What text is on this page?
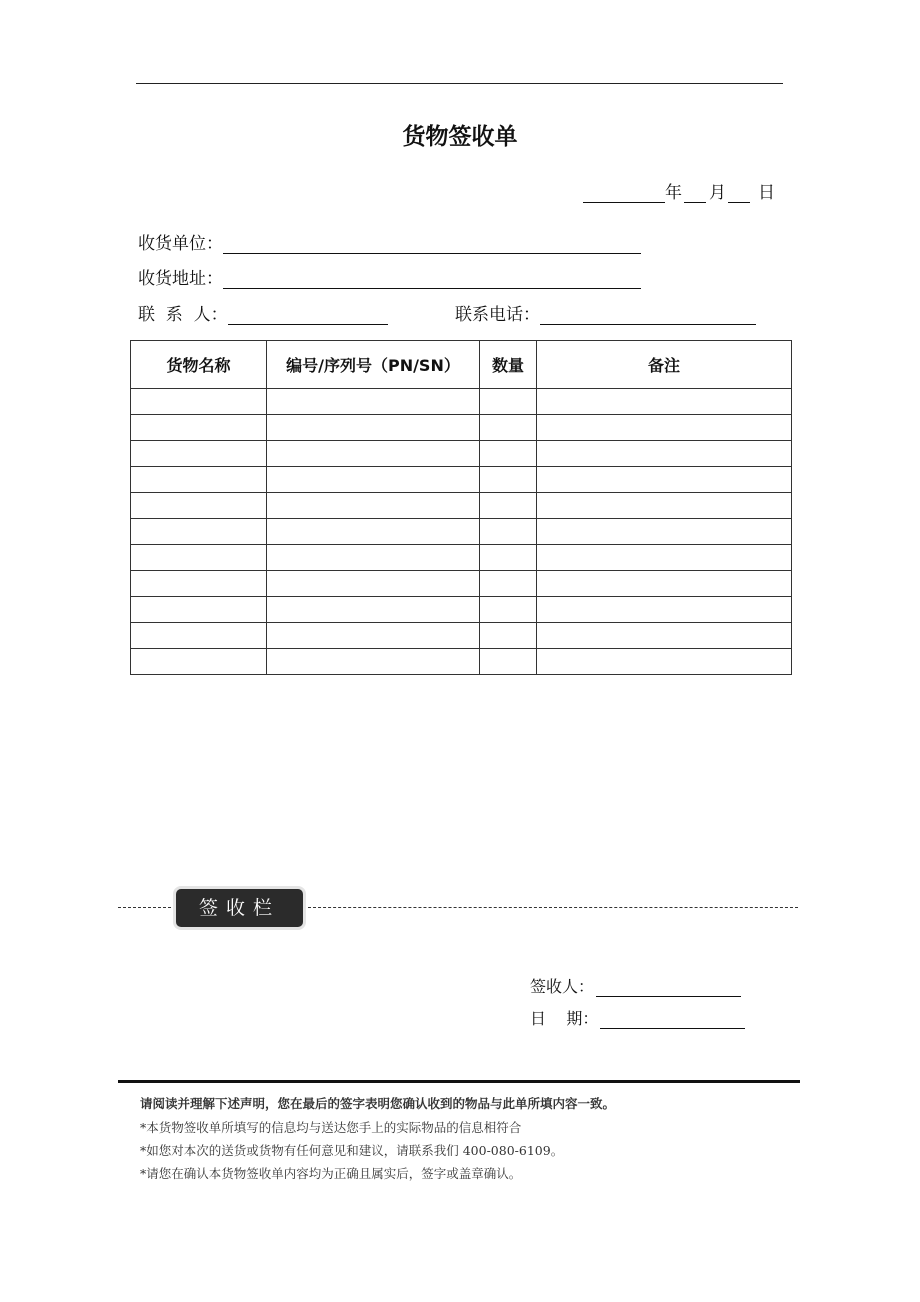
货物签收单
年 月 日
收货单位：
收货地址：
联  系  人：	联系电话：
货物名称	编号/序列号（PN/SN）	数量	备注

签收栏
签收人：
日    期：
请阅读并理解下述声明，您在最后的签字表明您确认收到的物品与此单所填内容一致。
*本货物签收单所填写的信息均与送达您手上的实际物品的信息相符合
*如您对本次的送货或货物有任何意见和建议，请联系我们 400-080-6109。
*请您在确认本货物签收单内容均为正确且属实后，签字或盖章确认。
